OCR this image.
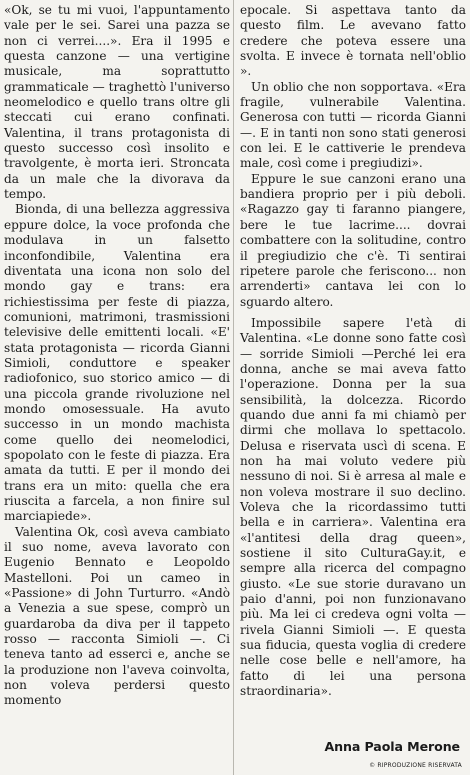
«Ok, se tu mi vuoi, l'appuntamento vale per le sei. Sarei una pazza se non ci verrei....». Era il 1995 e questa canzone — una vertigine musicale, ma soprattutto grammaticale — traghettò l'universo neomelodico e quello trans oltre gli steccati cui erano confinati. Valentina, il trans protagonista di questo successo così insolito e travolgente, è morta ieri. Stroncata da un male che la divorava da tempo.

Bionda, di una bellezza aggressiva eppure dolce, la voce profonda che modulava in un falsetto inconfondibile, Valentina era diventata una icona non solo del mondo gay e trans: era richiestissima per feste di piazza, comunioni, matrimoni, trasmissioni televisive delle emittenti locali. «E' stata protagonista — ricorda Gianni Simioli, conduttore e speaker radiofonico, suo storico amico — di una piccola grande rivoluzione nel mondo omosessuale. Ha avuto successo in un mondo machista come quello dei neomelodici, spopolato con le feste di piazza. Era amata da tutti. E per il mondo dei trans era un mito: quella che era riuscita a farcela, a non finire sul marciapiede».

Valentina Ok, così aveva cambiato il suo nome, aveva lavorato con Eugenio Bennato e Leopoldo Mastelloni. Poi un cameo in «Passione» di John Turturro. «Andò a Venezia a sue spese, comprò un guardaroba da diva per il tappeto rosso — racconta Simioli —. Ci teneva tanto ad esserci e, anche se la produzione non l'aveva coinvolta, non voleva perdersi questo momento

epocale. Si aspettava tanto da questo film. Le avevano fatto credere che poteva essere una svolta. E invece è tornata nell'oblio ».

Un oblio che non sopportava. «Era fragile, vulnerabile Valentina. Generosa con tutti — ricorda Gianni —. E in tanti non sono stati generosi con lei. E le cattiverie le prendeva male, così come i pregiudizi».

Eppure le sue canzoni erano una bandiera proprio per i più deboli. «Ragazzo gay ti faranno piangere, bere le tue lacrime.... dovrai combattere con la solitudine, contro il pregiudizio che c'è. Ti sentirai ripetere parole che feriscono... non arrenderti» cantava lei con lo sguardo altero.

Impossibile sapere l'età di Valentina. «Le donne sono fatte così — sorride Simioli —Perché lei era donna, anche se mai aveva fatto l'operazione. Donna per la sua sensibilità, la dolcezza. Ricordo quando due anni fa mi chiamò per dirmi che mollava lo spettacolo. Delusa e riservata uscì di scena. E non ha mai voluto vedere più nessuno di noi. Si è arresa al male e non voleva mostrare il suo declino. Voleva che la ricordassimo tutti bella e in carriera». Valentina era «l'antitesi della drag queen», sostiene il sito CulturaGay.it, e sempre alla ricerca del compagno giusto. «Le sue storie duravano un paio d'anni, poi non funzionavano più. Ma lei ci credeva ogni volta — rivela Gianni Simioli —. E questa sua fiducia, questa voglia di credere nelle cose belle e nell'amore, ha fatto di lei una persona straordinaria».

Anna Paola Merone
© RIPRODUZIONE RISERVATA
